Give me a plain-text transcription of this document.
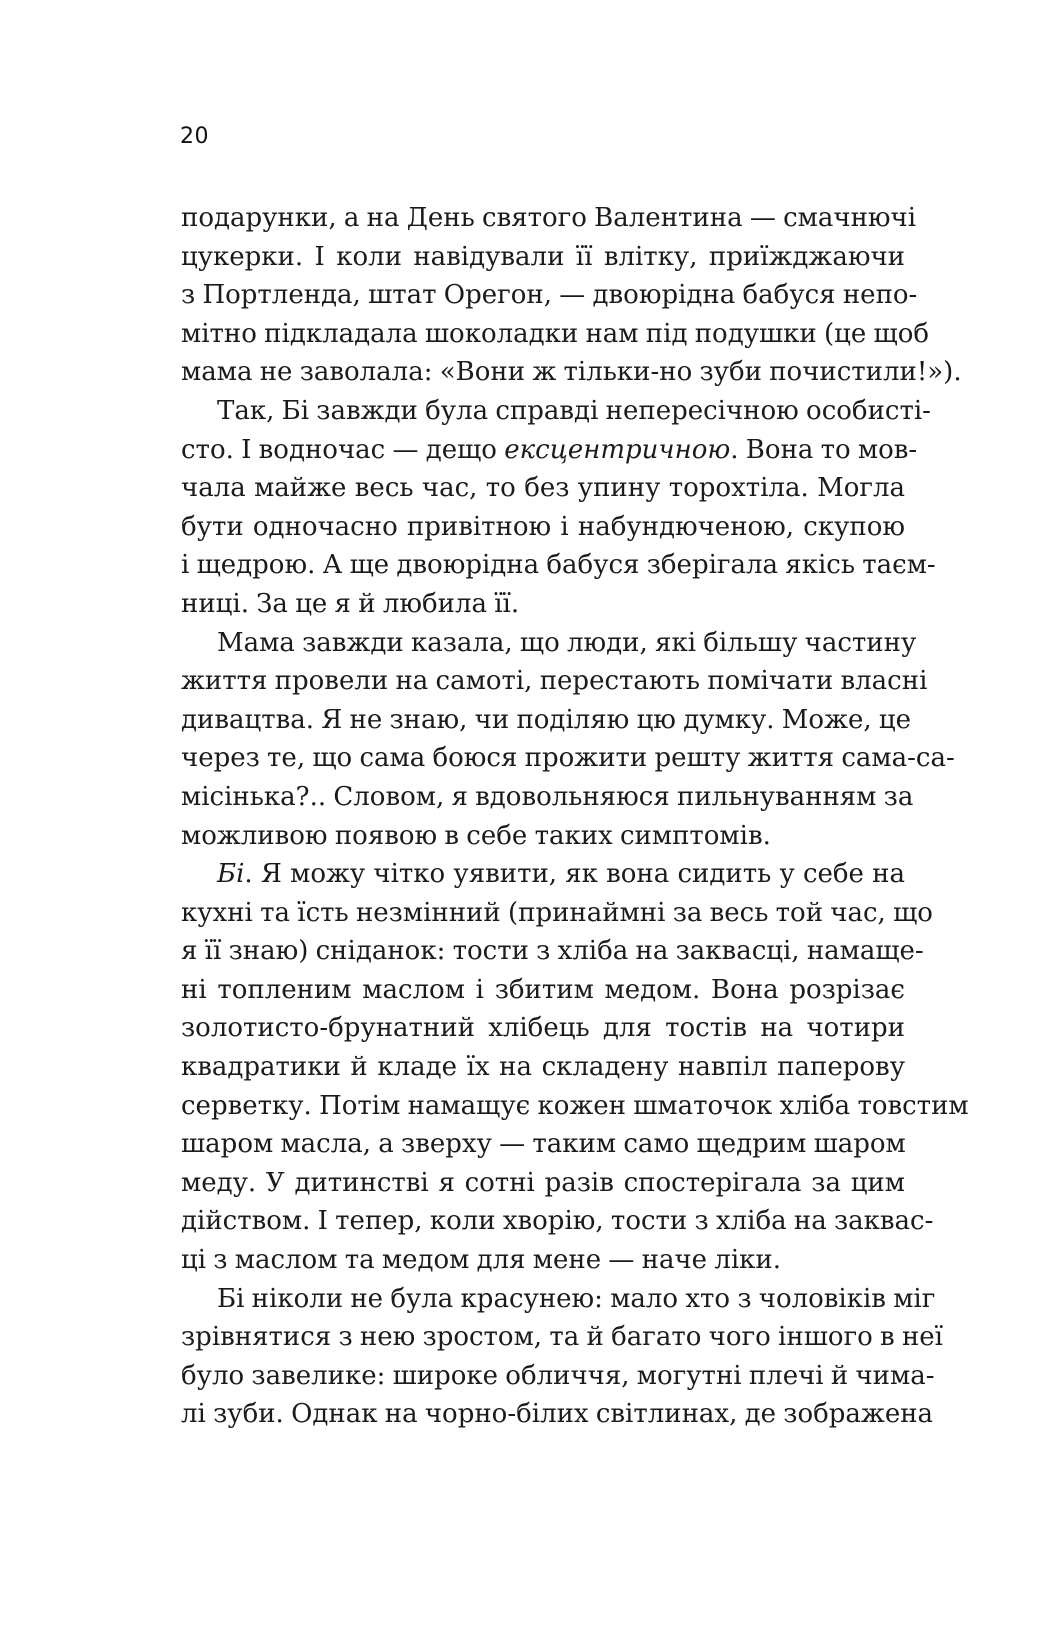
20
подарунки, а на День святого Валентина — смачнючі
цукерки. І коли навідували її влітку, приїжджаючи
з Портленда, штат Орегон, — двоюрідна бабуся непо-
мітно підкладала шоколадки нам під подушки (це щоб
мама не заволала: «Вони ж тільки-но зуби почистили!»).
Так, Бі завжди була справді непересічною особисті-
сто. І водночас — дещо ексцентричною. Вона то мов-
чала майже весь час, то без упину торохтіла. Могла
бути одночасно привітною і набундюченою, скупою
і щедрою. А ще двоюрідна бабуся зберігала якісь таєм-
ниці. За це я й любила її.
Мама завжди казала, що люди, які більшу частину
життя провели на самоті, перестають помічати власні
дивацтва. Я не знаю, чи поділяю цю думку. Може, це
через те, що сама боюся прожити решту життя сама-са-
місінька?.. Словом, я вдовольняюся пильнуванням за
можливою появою в себе таких симптомів.
Бі. Я можу чітко уявити, як вона сидить у себе на
кухні та їсть незмінний (принаймні за весь той час, що
я її знаю) сніданок: тости з хліба на заквасці, намаще-
ні топленим маслом і збитим медом. Вона розрізає
золотисто-брунатний хлібець для тостів на чотири
квадратики й кладе їх на складену навпіл паперову
серветку. Потім намащує кожен шматочок хліба товстим
шаром масла, а зверху — таким само щедрим шаром
меду. У дитинстві я сотні разів спостерігала за цим
дійством. І тепер, коли хворію, тости з хліба на заквас-
ці з маслом та медом для мене — наче ліки.
Бі ніколи не була красунею: мало хто з чоловіків міг
зрівнятися з нею зростом, та й багато чого іншого в неї
було завелике: широке обличчя, могутні плечі й чима-
лі зуби. Однак на чорно-білих світлинах, де зображена
